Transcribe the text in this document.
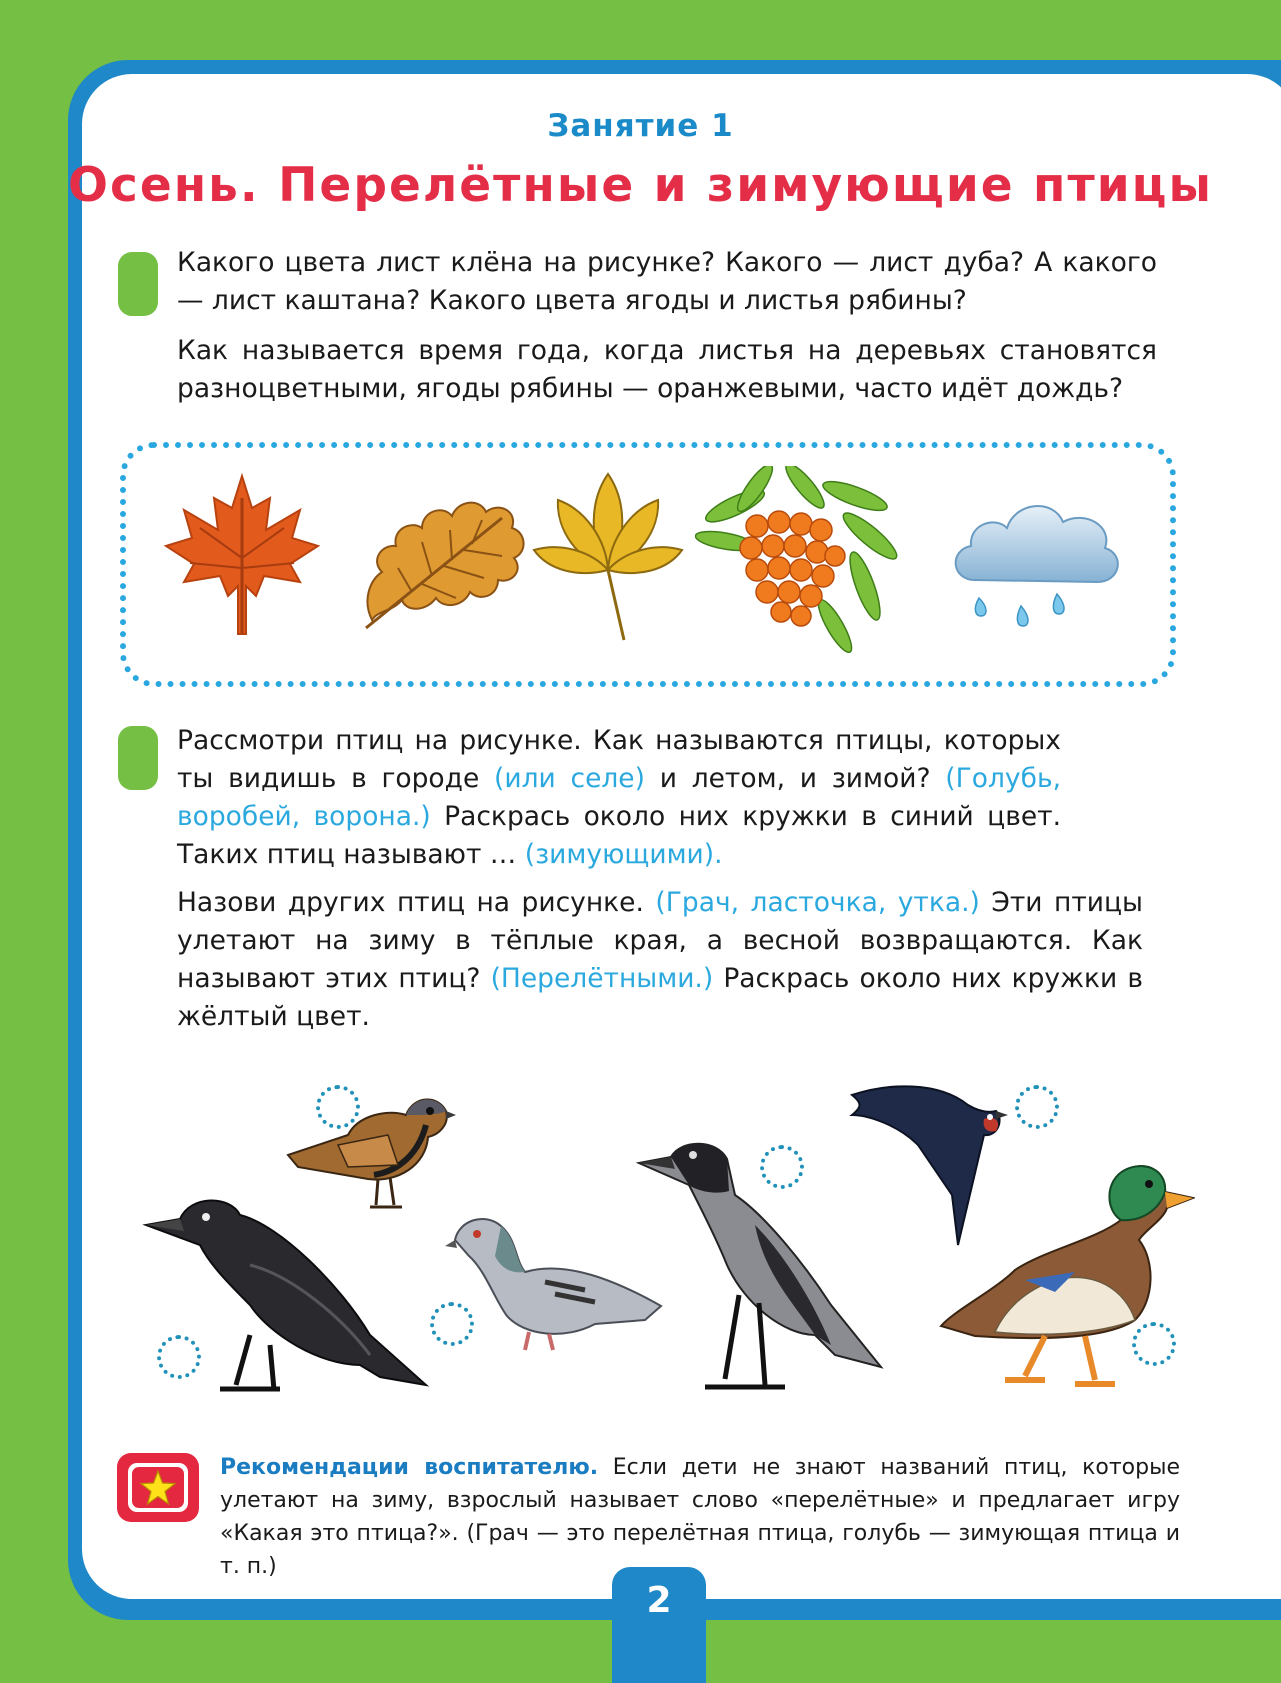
Занятие 1
Осень. Перелётные и зимующие птицы

Какого цвета лист клёна на рисунке? Какого — лист дуба? А какого — лист каштана? Какого цвета ягоды и листья рябины?

Как называется время года, когда листья на деревьях становятся разноцветными, ягоды рябины — оранжевыми, часто идёт дождь?

Рассмотри птиц на рисунке. Как называются птицы, которых ты видишь в городе (или селе) и летом, и зимой? (Голубь, воробей, ворона.) Раскрась около них кружки в синий цвет. Таких птиц называют … (зимующими).

Назови других птиц на рисунке. (Грач, ласточка, утка.) Эти птицы улетают на зиму в тёплые края, а весной возвращаются. Как называют этих птиц? (Перелётными.) Раскрась около них кружки в жёлтый цвет.

Рекомендации воспитателю. Если дети не знают названий птиц, которые улетают на зиму, взрослый называет слово «перелётные» и предлагает игру «Какая это птица?». (Грач — это перелётная птица, голубь — зимующая птица и т. п.)

2
